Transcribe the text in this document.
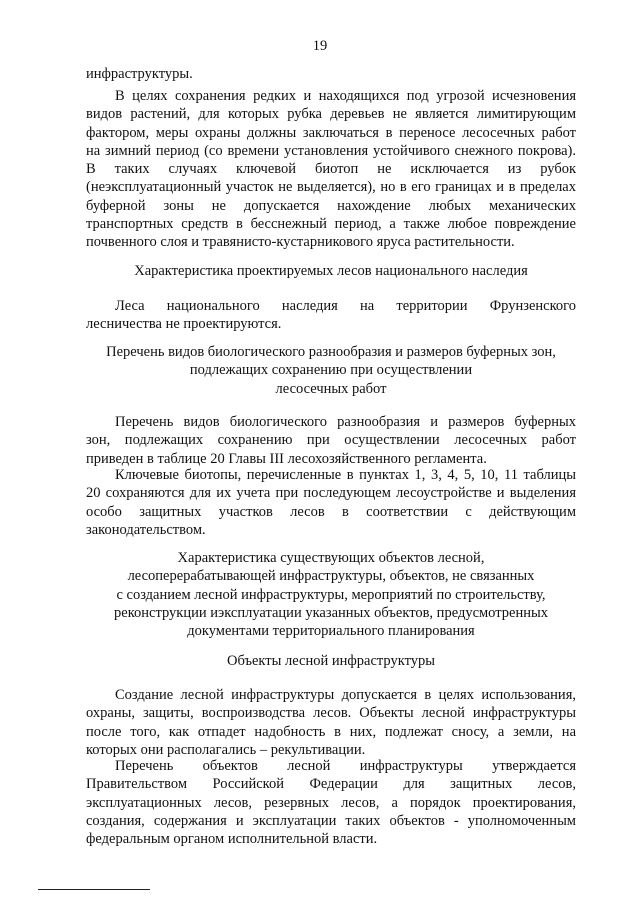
19
инфраструктуры.
  В целях сохранения редких и находящихся под угрозой исчезновения
видов растений, для которых рубка деревьев не является лимитирующим
фактором, меры охраны должны заключаться в переносе лесосечных работ
на зимний период (со времени установления устойчивого снежного покрова).
В таких случаях ключевой биотоп не исключается из рубок
(неэксплуатационный участок не выделяется), но в его границах и в пределах
буферной зоны не допускается нахождение любых механических
транспортных средств в бесснежный период, а также любое повреждение
почвенного слоя и травянисто-кустарникового яруса растительности.
Характеристика проектируемых лесов национального наследия
  Леса национального наследия на территории Фрунзенского
лесничества не проектируются.
Перечень видов биологического разнообразия и размеров буферных зон,
подлежащих сохранению при осуществлении
лесосечных работ
  Перечень видов биологического разнообразия и размеров буферных
зон, подлежащих сохранению при осуществлении лесосечных работ
приведен в таблице 20 Главы III лесохозяйственного регламента.
  Ключевые биотопы, перечисленные в пунктах 1, 3, 4, 5, 10, 11 таблицы
20 сохраняются для их учета при последующем лесоустройстве и выделения
особо защитных участков лесов в соответствии с действующим
законодательством.
Характеристика существующих объектов лесной,
лесоперерабатывающей инфраструктуры, объектов, не связанных
с созданием лесной инфраструктуры, мероприятий по строительству,
реконструкции иэксплуатации указанных объектов, предусмотренных
документами территориального планирования
Объекты лесной инфраструктуры
  Создание лесной инфраструктуры допускается в целях использования,
охраны, защиты, воспроизводства лесов. Объекты лесной инфраструктуры
после того, как отпадет надобность в них, подлежат сносу, а земли, на
которых они располагались – рекультивации.
  Перечень объектов лесной инфраструктуры утверждается
Правительством Российской Федерации для защитных лесов,
эксплуатационных лесов, резервных лесов, а порядок проектирования,
создания, содержания и эксплуатации таких объектов - уполномоченным
федеральным органом исполнительной власти.
